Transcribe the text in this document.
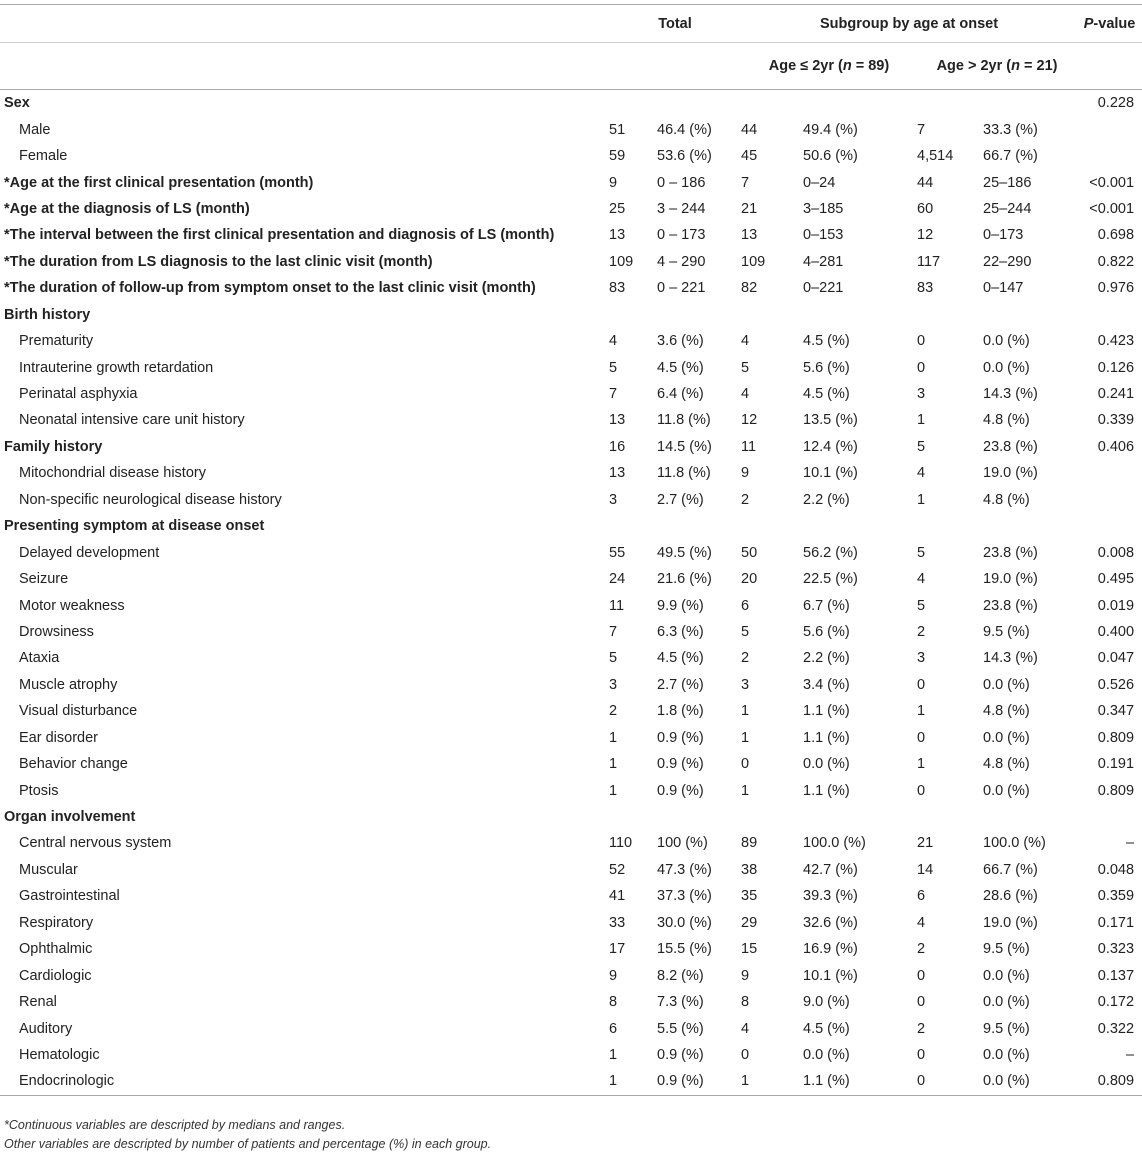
	Total		Subgroup by age at onset				P-value
			Age ≤ 2yr (n = 89)		Age > 2yr (n = 21)		
Sex							0.228
Male	51	46.4 (%)	44	49.4 (%)	7	33.3 (%)	
Female	59	53.6 (%)	45	50.6 (%)	4,514	66.7 (%)	
*Age at the first clinical presentation (month)	9	0 – 186	7	0–24	44	25–186	<0.001
*Age at the diagnosis of LS (month)	25	3 – 244	21	3–185	60	25–244	<0.001
*The interval between the first clinical presentation and diagnosis of LS (month)	13	0 – 173	13	0–153	12	0–173	0.698
*The duration from LS diagnosis to the last clinic visit (month)	109	4 – 290	109	4–281	117	22–290	0.822
*The duration of follow-up from symptom onset to the last clinic visit (month)	83	0 – 221	82	0–221	83	0–147	0.976
Birth history							
Prematurity	4	3.6 (%)	4	4.5 (%)	0	0.0 (%)	0.423
Intrauterine growth retardation	5	4.5 (%)	5	5.6 (%)	0	0.0 (%)	0.126
Perinatal asphyxia	7	6.4 (%)	4	4.5 (%)	3	14.3 (%)	0.241
Neonatal intensive care unit history	13	11.8 (%)	12	13.5 (%)	1	4.8 (%)	0.339
Family history	16	14.5 (%)	11	12.4 (%)	5	23.8 (%)	0.406
Mitochondrial disease history	13	11.8 (%)	9	10.1 (%)	4	19.0 (%)	
Non-specific neurological disease history	3	2.7 (%)	2	2.2 (%)	1	4.8 (%)	
Presenting symptom at disease onset							
Delayed development	55	49.5 (%)	50	56.2 (%)	5	23.8 (%)	0.008
Seizure	24	21.6 (%)	20	22.5 (%)	4	19.0 (%)	0.495
Motor weakness	11	9.9 (%)	6	6.7 (%)	5	23.8 (%)	0.019
Drowsiness	7	6.3 (%)	5	5.6 (%)	2	9.5 (%)	0.400
Ataxia	5	4.5 (%)	2	2.2 (%)	3	14.3 (%)	0.047
Muscle atrophy	3	2.7 (%)	3	3.4 (%)	0	0.0 (%)	0.526
Visual disturbance	2	1.8 (%)	1	1.1 (%)	1	4.8 (%)	0.347
Ear disorder	1	0.9 (%)	1	1.1 (%)	0	0.0 (%)	0.809
Behavior change	1	0.9 (%)	0	0.0 (%)	1	4.8 (%)	0.191
Ptosis	1	0.9 (%)	1	1.1 (%)	0	0.0 (%)	0.809
Organ involvement							
Central nervous system	110	100 (%)	89	100.0 (%)	21	100.0 (%)	–
Muscular	52	47.3 (%)	38	42.7 (%)	14	66.7 (%)	0.048
Gastrointestinal	41	37.3 (%)	35	39.3 (%)	6	28.6 (%)	0.359
Respiratory	33	30.0 (%)	29	32.6 (%)	4	19.0 (%)	0.171
Ophthalmic	17	15.5 (%)	15	16.9 (%)	2	9.5 (%)	0.323
Cardiologic	9	8.2 (%)	9	10.1 (%)	0	0.0 (%)	0.137
Renal	8	7.3 (%)	8	9.0 (%)	0	0.0 (%)	0.172
Auditory	6	5.5 (%)	4	4.5 (%)	2	9.5 (%)	0.322
Hematologic	1	0.9 (%)	0	0.0 (%)	0	0.0 (%)	–
Endocrinologic	1	0.9 (%)	1	1.1 (%)	0	0.0 (%)	0.809
*Continuous variables are descripted by medians and ranges.
Other variables are descripted by number of patients and percentage (%) in each group.
